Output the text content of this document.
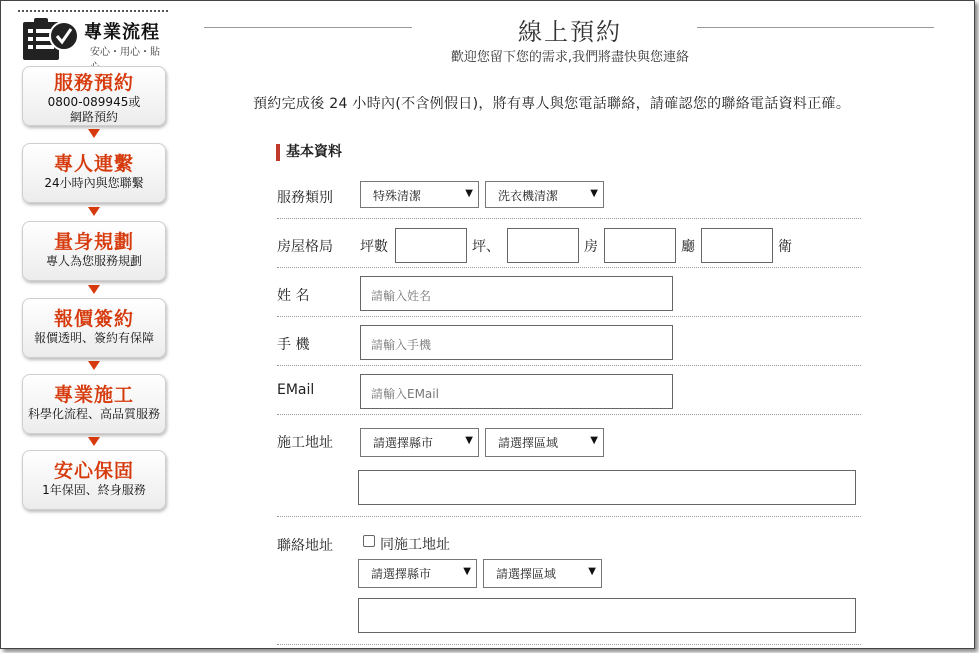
專業流程
安心・用心・貼
服務預約
0800-089945或
網路預約
專人連繫
24小時內與您聯繫
量身規劃
專人為您服務規劃
報價簽約
報價透明、簽約有保障
專業施工
科學化流程、高品質服務
安心保固
1年保固、終身服務
線上預約
歡迎您留下您的需求,我們將盡快與您連絡
預約完成後 24 小時內(不含例假日)，將有專人與您電話聯絡，請確認您的聯絡電話資料正確。
基本資料
服務類別	特殊清潔	▼	洗衣機清潔	▼
房屋格局 坪數	坪、	房	廳	衛
姓 名	請輸入姓名
手 機	請輸入手機
EMail	請輸入EMail
施工地址	請選擇縣市	▼	請選擇區域	▼
聯絡地址	同施工地址
請選擇縣市	▼	請選擇區域	▼
